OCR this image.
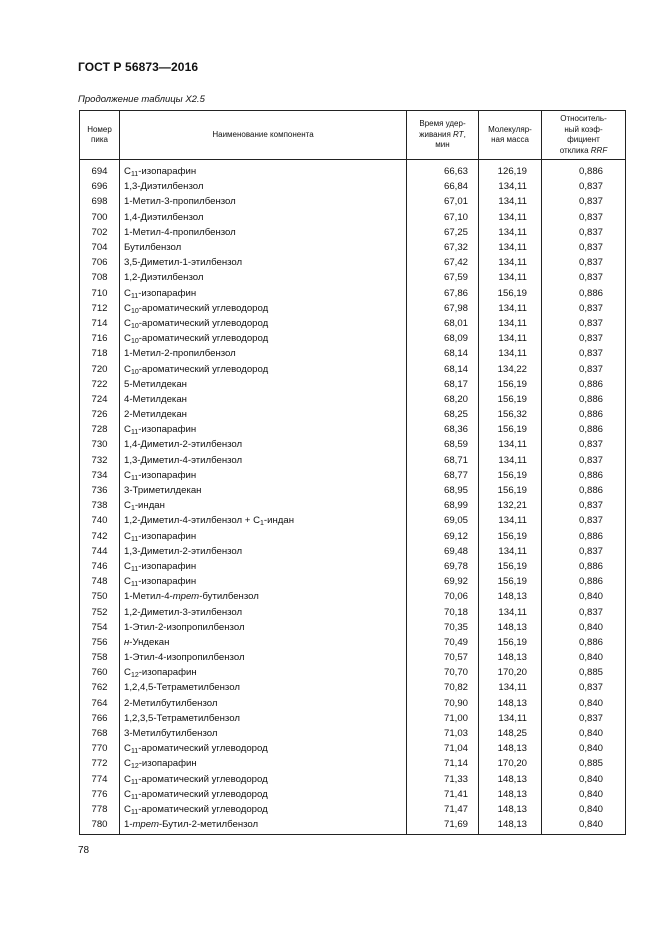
ГОСТ Р 56873—2016
Продолжение таблицы X2.5
Номер
пика	Наименование компонента	Время удер-
живания RT,
мин	Молекуляр-
ная масса	Относитель-
ный коэф-
фициент
отклика RRF
694	$C_{11}$-изопарафин	66,63	126,19	0,886
696	1,3-Диэтилбензол	66,84	134,11	0,837
698	1-Метил-3-пропилбензол	67,01	134,11	0,837
700	1,4-Диэтилбензол	67,10	134,11	0,837
702	1-Метил-4-пропилбензол	67,25	134,11	0,837
704	Бутилбензол	67,32	134,11	0,837
706	3,5-Диметил-1-этилбензол	67,42	134,11	0,837
708	1,2-Диэтилбензол	67,59	134,11	0,837
710	$C_{11}$-изопарафин	67,86	156,19	0,886
712	$C_{10}$-ароматический углеводород	67,98	134,11	0,837
714	$C_{10}$-ароматический углеводород	68,01	134,11	0,837
716	$C_{10}$-ароматический углеводород	68,09	134,11	0,837
718	1-Метил-2-пропилбензол	68,14	134,11	0,837
720	$C_{10}$-ароматический углеводород	68,14	134,22	0,837
722	5-Метилдекан	68,17	156,19	0,886
724	4-Метилдекан	68,20	156,19	0,886
726	2-Метилдекан	68,25	156,32	0,886
728	$C_{11}$-изопарафин	68,36	156,19	0,886
730	1,4-Диметил-2-этилбензол	68,59	134,11	0,837
732	1,3-Диметил-4-этилбензол	68,71	134,11	0,837
734	$C_{11}$-изопарафин	68,77	156,19	0,886
736	3-Триметилдекан	68,95	156,19	0,886
738	$C_1$-индан	68,99	132,21	0,837
740	1,2-Диметил-4-этилбензол + $C_1$-индан	69,05	134,11	0,837
742	$C_{11}$-изопарафин	69,12	156,19	0,886
744	1,3-Диметил-2-этилбензол	69,48	134,11	0,837
746	$C_{11}$-изопарафин	69,78	156,19	0,886
748	$C_{11}$-изопарафин	69,92	156,19	0,886
750	1-Метил-4-трет-бутилбензол	70,06	148,13	0,840
752	1,2-Диметил-3-этилбензол	70,18	134,11	0,837
754	1-Этил-2-изопропилбензол	70,35	148,13	0,840
756	н-Ундекан	70,49	156,19	0,886
758	1-Этил-4-изопропилбензол	70,57	148,13	0,840
760	$C_{12}$-изопарафин	70,70	170,20	0,885
762	1,2,4,5-Тетраметилбензол	70,82	134,11	0,837
764	2-Метилбутилбензол	70,90	148,13	0,840
766	1,2,3,5-Тетраметилбензол	71,00	134,11	0,837
768	3-Метилбутилбензол	71,03	148,25	0,840
770	$C_{11}$-ароматический углеводород	71,04	148,13	0,840
772	$C_{12}$-изопарафин	71,14	170,20	0,885
774	$C_{11}$-ароматический углеводород	71,33	148,13	0,840
776	$C_{11}$-ароматический углеводород	71,41	148,13	0,840
778	$C_{11}$-ароматический углеводород	71,47	148,13	0,840
780	1-трет-Бутил-2-метилбензол	71,69	148,13	0,840
78
